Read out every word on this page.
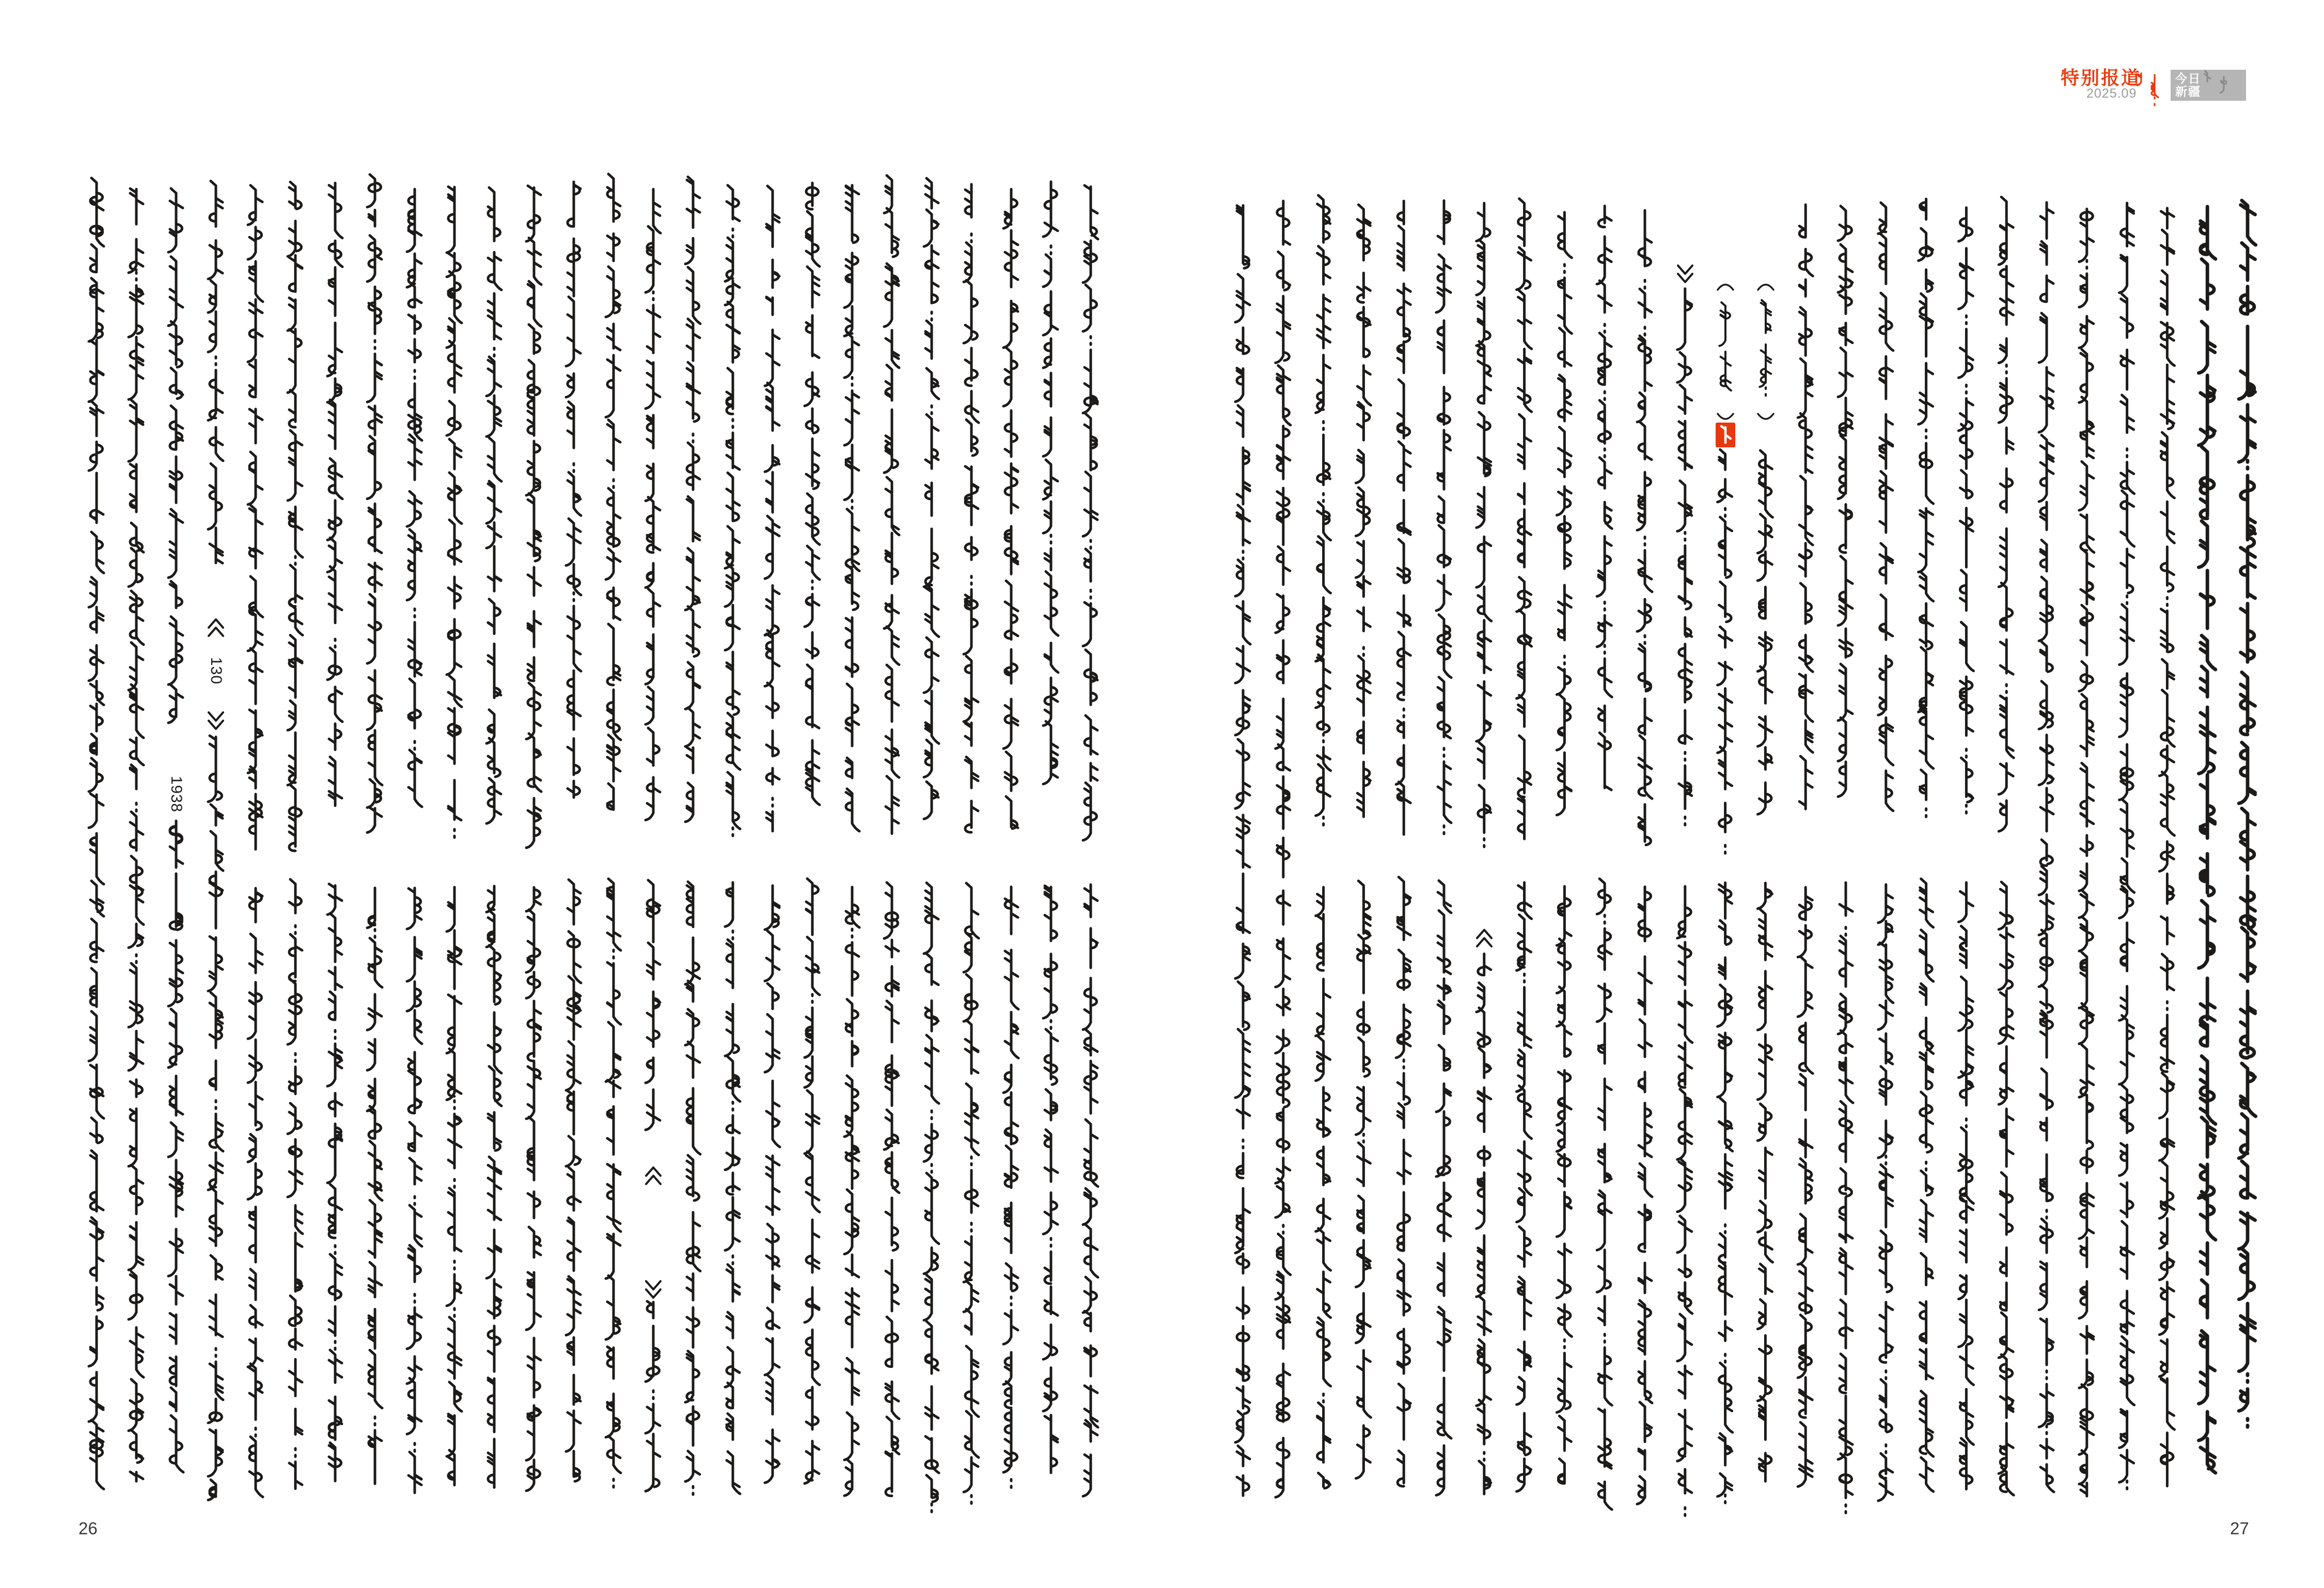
特别报道
2025.09
今日
新疆
130
1938
26	27
